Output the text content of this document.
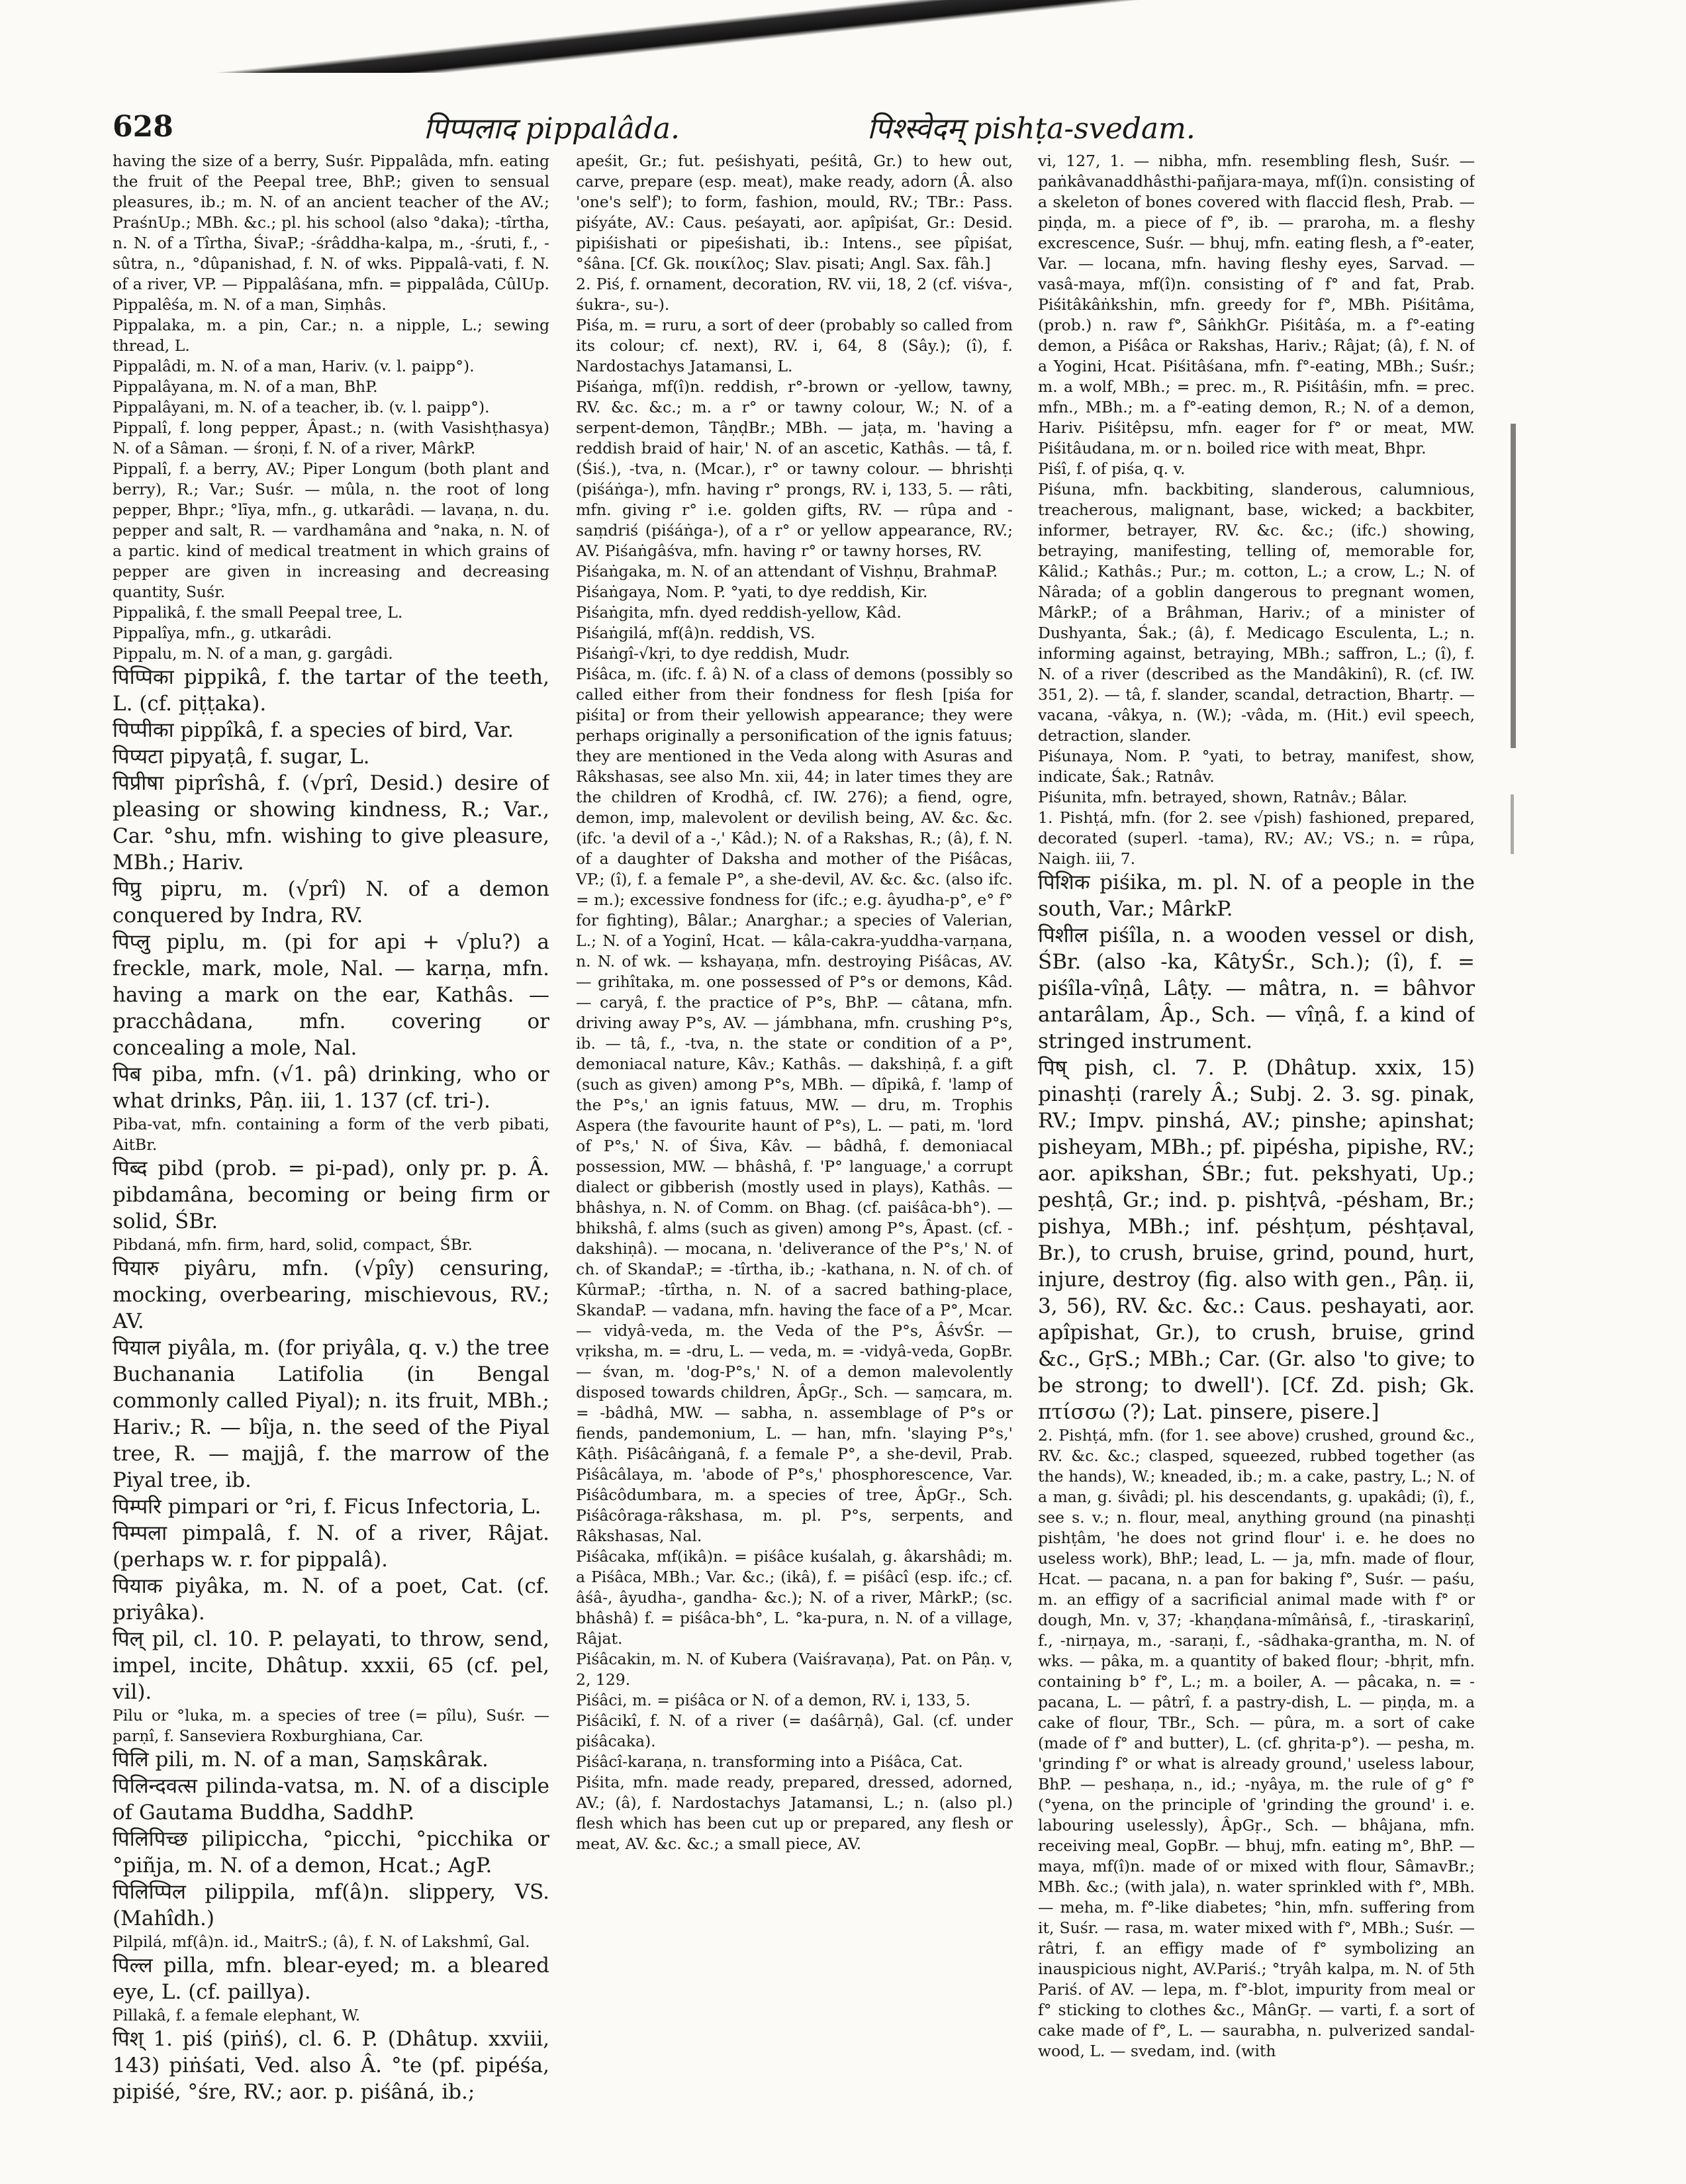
628	पिप्पलाद pippalâda.	पिश्स्वेदम् pishṭa-svedam.

having the size of a berry, Suśr. Pippalâda, mfn. eating the fruit of the Peepal tree, BhP.; given to sensual pleasures, ib.; m. N. of an ancient teacher of the AV.; PraśnUp.; MBh. &c.; pl. his school (also °daka); -tîrtha, n. N. of a Tîrtha, ŚivaP.; -śrâddha-kalpa, m., -śruti, f., -sûtra, n., °dûpanishad, f. N. of wks. Pippalâ-vati, f. N. of a river, VP. — Pippalâśana, mfn. = pippalâda, CûlUp. Pippalêśa, m. N. of a man, Siṃhâs.

Pippalaka, m. a pin, Car.; n. a nipple, L.; sewing thread, L.

Pippalâdi, m. N. of a man, Hariv. (v. l. paipp°).

Pippalâyana, m. N. of a man, BhP.

Pippalâyani, m. N. of a teacher, ib. (v. l. paipp°).

Pippalî, f. long pepper, Âpast.; n. (with Vasishṭhasya) N. of a Sâman. — śroṇi, f. N. of a river, MârkP.

Pippalî, f. a berry, AV.; Piper Longum (both plant and berry), R.; Var.; Suśr. — mûla, n. the root of long pepper, Bhpr.; °līya, mfn., g. utkarâdi. — lavaṇa, n. du. pepper and salt, R. — vardhamâna and °naka, n. N. of a partic. kind of medical treatment in which grains of pepper are given in increasing and decreasing quantity, Suśr.

Pippalikâ, f. the small Peepal tree, L.

Pippalîya, mfn., g. utkarâdi.

Pippalu, m. N. of a man, g. gargâdi.

पिप्पिका pippikâ, f. the tartar of the teeth, L. (cf. piṭṭaka).

पिप्पीका pippîkâ, f. a species of bird, Var.

पिप्यटा pipyaṭâ, f. sugar, L.

पिप्रीषा piprîshâ, f. (√prî, Desid.) desire of pleasing or showing kindness, R.; Var., Car. °shu, mfn. wishing to give pleasure, MBh.; Hariv.

पिप्रु pipru, m. (√prî) N. of a demon conquered by Indra, RV.

पिप्लु piplu, m. (pi for api + √plu?) a freckle, mark, mole, Nal. — karṇa, mfn. having a mark on the ear, Kathâs. — pracchâdana, mfn. covering or concealing a mole, Nal.

पिब piba, mfn. (√1. pâ) drinking, who or what drinks, Pâṇ. iii, 1. 137 (cf. tri-).

Piba-vat, mfn. containing a form of the verb pibati, AitBr.

पिब्द pibd (prob. = pi-pad), only pr. p. Â. pibdamâna, becoming or being firm or solid, ŚBr.

Pibdaná, mfn. firm, hard, solid, compact, ŚBr.

पियारु piyâru, mfn. (√pîy) censuring, mocking, overbearing, mischievous, RV.; AV.

पियाल piyâla, m. (for priyâla, q. v.) the tree Buchanania Latifolia (in Bengal commonly called Piyal); n. its fruit, MBh.; Hariv.; R. — bîja, n. the seed of the Piyal tree, R. — majjâ, f. the marrow of the Piyal tree, ib.

पिम्परि pimpari or °ri, f. Ficus Infectoria, L.

पिम्पला pimpalâ, f. N. of a river, Râjat. (perhaps w. r. for pippalâ).

पियाक piyâka, m. N. of a poet, Cat. (cf. priyâka).

पिल् pil, cl. 10. P. pelayati, to throw, send, impel, incite, Dhâtup. xxxii, 65 (cf. pel, vil).

Pilu or °luka, m. a species of tree (= pîlu), Suśr. — parṇî, f. Sanseviera Roxburghiana, Car.

पिलि pili, m. N. of a man, Saṃskârak.

पिलिन्दवत्स pilinda-vatsa, m. N. of a disciple of Gautama Buddha, SaddhP.

पिलिपिच्छ pilipiccha, °picchi, °picchika or °piñja, m. N. of a demon, Hcat.; AgP.

पिलिप्पिल pilippila, mf(â)n. slippery, VS. (Mahîdh.)

Pilpilá, mf(â)n. id., MaitrS.; (â), f. N. of Lakshmî, Gal.

पिल्ल pilla, mfn. blear-eyed; m. a bleared eye, L. (cf. paillya).

Pillakâ, f. a female elephant, W.

पिश् 1. piś (piṅś), cl. 6. P. (Dhâtup. xxviii, 143) piṅśati, Ved. also Â. °te (pf. pipéśa, pipiśé, °śre, RV.; aor. p. piśâná, ib.;

apeśit, Gr.; fut. peśishyati, peśitâ, Gr.) to hew out, carve, prepare (esp. meat), make ready, adorn (Â. also 'one's self'); to form, fashion, mould, RV.; TBr.: Pass. piśyáte, AV.: Caus. peśayati, aor. apîpiśat, Gr.: Desid. pipiśishati or pipeśishati, ib.: Intens., see pîpiśat, °śâna. [Cf. Gk. ποικίλος; Slav. pisati; Angl. Sax. fâh.]

2. Piś, f. ornament, decoration, RV. vii, 18, 2 (cf. viśva-, śukra-, su-).

Piśa, m. = ruru, a sort of deer (probably so called from its colour; cf. next), RV. i, 64, 8 (Sây.); (î), f. Nardostachys Jatamansi, L.

Piśaṅga, mf(î)n. reddish, r°-brown or -yellow, tawny, RV. &c. &c.; m. a r° or tawny colour, W.; N. of a serpent-demon, TâṇḍBr.; MBh. — jaṭa, m. 'having a reddish braid of hair,' N. of an ascetic, Kathâs. — tâ, f. (Śiś.), -tva, n. (Mcar.), r° or tawny colour. — bhrishṭi (piśáṅga-), mfn. having r° prongs, RV. i, 133, 5. — râti, mfn. giving r° i.e. golden gifts, RV. — rûpa and -saṃdriś (piśáṅga-), of a r° or yellow appearance, RV.; AV. Piśaṅgâśva, mfn. having r° or tawny horses, RV.

Piśaṅgaka, m. N. of an attendant of Vishṇu, BrahmaP.

Piśaṅgaya, Nom. P. °yati, to dye reddish, Kir.

Piśaṅgita, mfn. dyed reddish-yellow, Kâd.

Piśaṅgilá, mf(â)n. reddish, VS.

Piśaṅgî-√kṛi, to dye reddish, Mudr.

Piśâca, m. (ifc. f. â) N. of a class of demons (possibly so called either from their fondness for flesh [piśa for piśita] or from their yellowish appearance; they were perhaps originally a personification of the ignis fatuus; they are mentioned in the Veda along with Asuras and Râkshasas, see also Mn. xii, 44; in later times they are the children of Krodhâ, cf. IW. 276); a fiend, ogre, demon, imp, malevolent or devilish being, AV. &c. &c. (ifc. 'a devil of a -,' Kâd.); N. of a Rakshas, R.; (â), f. N. of a daughter of Daksha and mother of the Piśâcas, VP.; (î), f. a female P°, a she-devil, AV. &c. &c. (also ifc. = m.); excessive fondness for (ifc.; e.g. âyudha-p°, e° f° for fighting), Bâlar.; Anarghar.; a species of Valerian, L.; N. of a Yoginî, Hcat. — kâla-cakra-yuddha-varṇana, n. N. of wk. — kshayaṇa, mfn. destroying Piśâcas, AV. — grihîtaka, m. one possessed of P°s or demons, Kâd. — caryâ, f. the practice of P°s, BhP. — câtana, mfn. driving away P°s, AV. — jámbhana, mfn. crushing P°s, ib. — tâ, f., -tva, n. the state or condition of a P°, demoniacal nature, Kâv.; Kathâs. — dakshiṇâ, f. a gift (such as given) among P°s, MBh. — dîpikâ, f. 'lamp of the P°s,' an ignis fatuus, MW. — dru, m. Trophis Aspera (the favourite haunt of P°s), L. — pati, m. 'lord of P°s,' N. of Śiva, Kâv. — bâdhâ, f. demoniacal possession, MW. — bhâshâ, f. 'P° language,' a corrupt dialect or gibberish (mostly used in plays), Kathâs. — bhâshya, n. N. of Comm. on Bhag. (cf. paiśâca-bh°). — bhikshâ, f. alms (such as given) among P°s, Âpast. (cf. -dakshiṇâ). — mocana, n. 'deliverance of the P°s,' N. of ch. of SkandaP.; = -tîrtha, ib.; -kathana, n. N. of ch. of KûrmaP.; -tîrtha, n. N. of a sacred bathing-place, SkandaP. — vadana, mfn. having the face of a P°, Mcar. — vidyâ-veda, m. the Veda of the P°s, ÂśvŚr. — vṛiksha, m. = -dru, L. — veda, m. = -vidyâ-veda, GopBr. — śvan, m. 'dog-P°s,' N. of a demon malevolently disposed towards children, ÂpGṛ., Sch. — saṃcara, m. = -bâdhâ, MW. — sabha, n. assemblage of P°s or fiends, pandemonium, L. — han, mfn. 'slaying P°s,' Kâṭh. Piśâcâṅganâ, f. a female P°, a she-devil, Prab. Piśâcâlaya, m. 'abode of P°s,' phosphorescence, Var. Piśâcôdumbara, m. a species of tree, ÂpGṛ., Sch. Piśâcôraga-râkshasa, m. pl. P°s, serpents, and Râkshasas, Nal.

Piśâcaka, mf(ikâ)n. = piśâce kuśalah, g. âkarshâdi; m. a Piśâca, MBh.; Var. &c.; (ikâ), f. = piśâcî (esp. ifc.; cf. âśâ-, âyudha-, gandha- &c.); N. of a river, MârkP.; (sc. bhâshâ) f. = piśâca-bh°, L. °ka-pura, n. N. of a village, Râjat.

Piśâcakin, m. N. of Kubera (Vaiśravaṇa), Pat. on Pâṇ. v, 2, 129.

Piśâci, m. = piśâca or N. of a demon, RV. i, 133, 5.

Piśâcikî, f. N. of a river (= daśârṇâ), Gal. (cf. under piśâcaka).

Piśâcî-karaṇa, n. transforming into a Piśâca, Cat.

Piśita, mfn. made ready, prepared, dressed, adorned, AV.; (â), f. Nardostachys Jatamansi, L.; n. (also pl.) flesh which has been cut up or prepared, any flesh or meat, AV. &c. &c.; a small piece, AV.

vi, 127, 1. — nibha, mfn. resembling flesh, Suśr. — paṅkâvanaddhâsthi-pañjara-maya, mf(î)n. consisting of a skeleton of bones covered with flaccid flesh, Prab. — piṇḍa, m. a piece of f°, ib. — praroha, m. a fleshy excrescence, Suśr. — bhuj, mfn. eating flesh, a f°-eater, Var. — locana, mfn. having fleshy eyes, Sarvad. — vasâ-maya, mf(î)n. consisting of f° and fat, Prab. Piśitâkâṅkshin, mfn. greedy for f°, MBh. Piśitâma, (prob.) n. raw f°, SâṅkhGr. Piśitâśa, m. a f°-eating demon, a Piśâca or Rakshas, Hariv.; Râjat; (â), f. N. of a Yogini, Hcat. Piśitâśana, mfn. f°-eating, MBh.; Suśr.; m. a wolf, MBh.; = prec. m., R. Piśitâśin, mfn. = prec. mfn., MBh.; m. a f°-eating demon, R.; N. of a demon, Hariv. Piśitêpsu, mfn. eager for f° or meat, MW. Piśitâudana, m. or n. boiled rice with meat, Bhpr.

Piśî, f. of piśa, q. v.

Piśuna, mfn. backbiting, slanderous, calumnious, treacherous, malignant, base, wicked; a backbiter, informer, betrayer, RV. &c. &c.; (ifc.) showing, betraying, manifesting, telling of, memorable for, Kâlid.; Kathâs.; Pur.; m. cotton, L.; a crow, L.; N. of Nârada; of a goblin dangerous to pregnant women, MârkP.; of a Brâhman, Hariv.; of a minister of Dushyanta, Śak.; (â), f. Medicago Esculenta, L.; n. informing against, betraying, MBh.; saffron, L.; (î), f. N. of a river (described as the Mandâkinî), R. (cf. IW. 351, 2). — tâ, f. slander, scandal, detraction, Bhartṛ. — vacana, -vâkya, n. (W.); -vâda, m. (Hit.) evil speech, detraction, slander.

Piśunaya, Nom. P. °yati, to betray, manifest, show, indicate, Śak.; Ratnâv.

Piśunita, mfn. betrayed, shown, Ratnâv.; Bâlar.

1. Pishṭá, mfn. (for 2. see √pish) fashioned, prepared, decorated (superl. -tama), RV.; AV.; VS.; n. = rûpa, Naigh. iii, 7.

पिशिक piśika, m. pl. N. of a people in the south, Var.; MârkP.

पिशील piśîla, n. a wooden vessel or dish, ŚBr. (also -ka, KâtyŚr., Sch.); (î), f. = piśîla-vîṇâ, Lâṭy. — mâtra, n. = bâhvor antarâlam, Âp., Sch. — vîṇâ, f. a kind of stringed instrument.

पिष् pish, cl. 7. P. (Dhâtup. xxix, 15) pinashṭi (rarely Â.; Subj. 2. 3. sg. pinak, RV.; Impv. pinshá, AV.; pinshe; apinshat; pisheyam, MBh.; pf. pipésha, pipishe, RV.; aor. apikshan, ŚBr.; fut. pekshyati, Up.; peshṭâ, Gr.; ind. p. pishṭvâ, -pésham, Br.; pishya, MBh.; inf. péshṭum, péshṭaval, Br.), to crush, bruise, grind, pound, hurt, injure, destroy (fig. also with gen., Pâṇ. ii, 3, 56), RV. &c. &c.: Caus. peshayati, aor. apîpishat, Gr.), to crush, bruise, grind &c., GṛS.; MBh.; Car. (Gr. also 'to give; to be strong; to dwell'). [Cf. Zd. pish; Gk. πτίσσω (?); Lat. pinsere, pisere.]

2. Pishṭá, mfn. (for 1. see above) crushed, ground &c., RV. &c. &c.; clasped, squeezed, rubbed together (as the hands), W.; kneaded, ib.; m. a cake, pastry, L.; N. of a man, g. śivâdi; pl. his descendants, g. upakâdi; (î), f., see s. v.; n. flour, meal, anything ground (na pinashṭi pishṭâm, 'he does not grind flour' i. e. he does no useless work), BhP.; lead, L. — ja, mfn. made of flour, Hcat. — pacana, n. a pan for baking f°, Suśr. — paśu, m. an effigy of a sacrificial animal made with f° or dough, Mn. v, 37; -khaṇḍana-mîmâṅsâ, f., -tiraskariṇî, f., -nirṇaya, m., -saraṇi, f., -sâdhaka-grantha, m. N. of wks. — pâka, m. a quantity of baked flour; -bhṛit, mfn. containing b° f°, L.; m. a boiler, A. — pâcaka, n. = -pacana, L. — pâtrî, f. a pastry-dish, L. — piṇḍa, m. a cake of flour, TBr., Sch. — pûra, m. a sort of cake (made of f° and butter), L. (cf. ghṛita-p°). — pesha, m. 'grinding f° or what is already ground,' useless labour, BhP. — peshaṇa, n., id.; -nyâya, m. the rule of g° f° (°yena, on the principle of 'grinding the ground' i. e. labouring uselessly), ÂpGṛ., Sch. — bhâjana, mfn. receiving meal, GopBr. — bhuj, mfn. eating m°, BhP. — maya, mf(î)n. made of or mixed with flour, SâmavBr.; MBh. &c.; (with jala), n. water sprinkled with f°, MBh. — meha, m. f°-like diabetes; °hin, mfn. suffering from it, Suśr. — rasa, m. water mixed with f°, MBh.; Suśr. — râtri, f. an effigy made of f° symbolizing an inauspicious night, AV.Pariś.; °tryâh kalpa, m. N. of 5th Pariś. of AV. — lepa, m. f°-blot, impurity from meal or f° sticking to clothes &c., MânGṛ. — varti, f. a sort of cake made of f°, L. — saurabha, n. pulverized sandal-wood, L. — svedam, ind. (with
